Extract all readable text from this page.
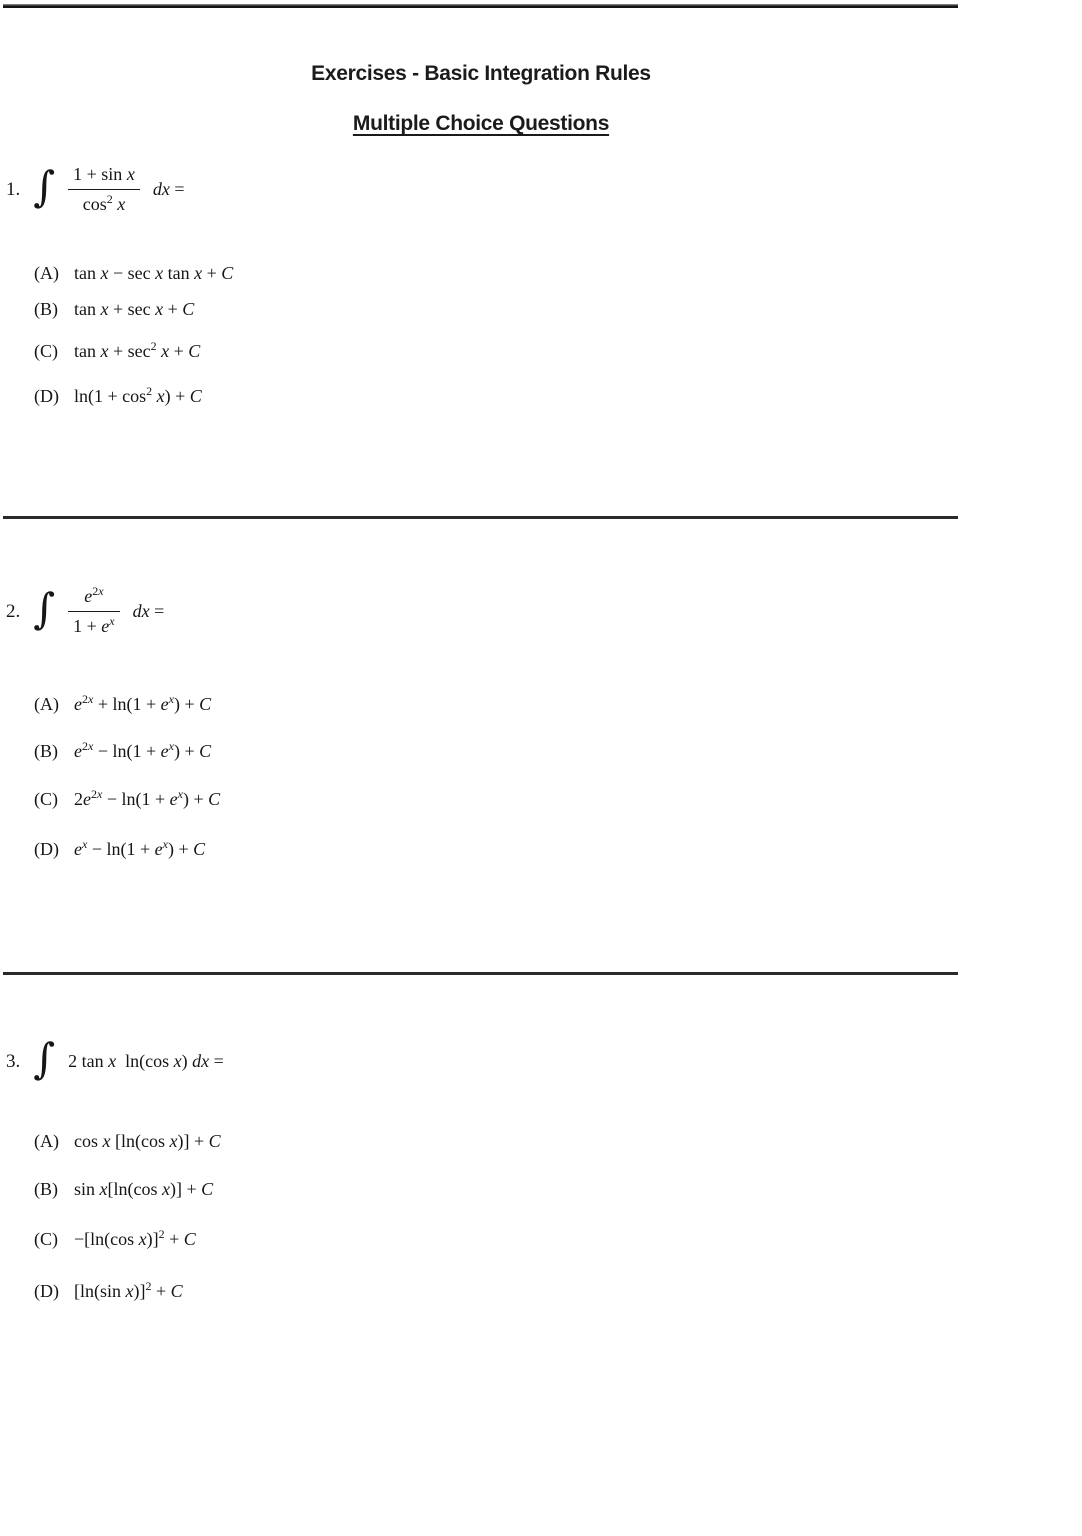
Exercises - Basic Integration Rules
Multiple Choice Questions
1. ∫ $\frac{\text{1 + sin x}}{\cos^2 x}$ dx =
(A) tan x − sec x tan x + C
(B) tan x + sec x + C
(C) $\tan x + \sec^2 x + C$
(D) $\ln(1 + \cos^2 x) + C$
2. ∫ $\frac{e^{2x}}{1 + e^x}$ dx =
(A) $e^{2x} + \ln(1 + e^x) + C$
(B) $e^{2x} - \ln(1 + e^x) + C$
(C) $2e^{2x} - \ln(1 + e^x) + C$
(D) $e^x - \ln(1 + e^x) + C$
3. ∫ 2 tan x ln(cos x) dx =
(A) cos x [ln(cos x)] + C
(B) sin x[ln(cos x)] + C
(C) −[ln(cos x)]$^2$ + C
(D) [ln(sin x)]$^2$ + C
